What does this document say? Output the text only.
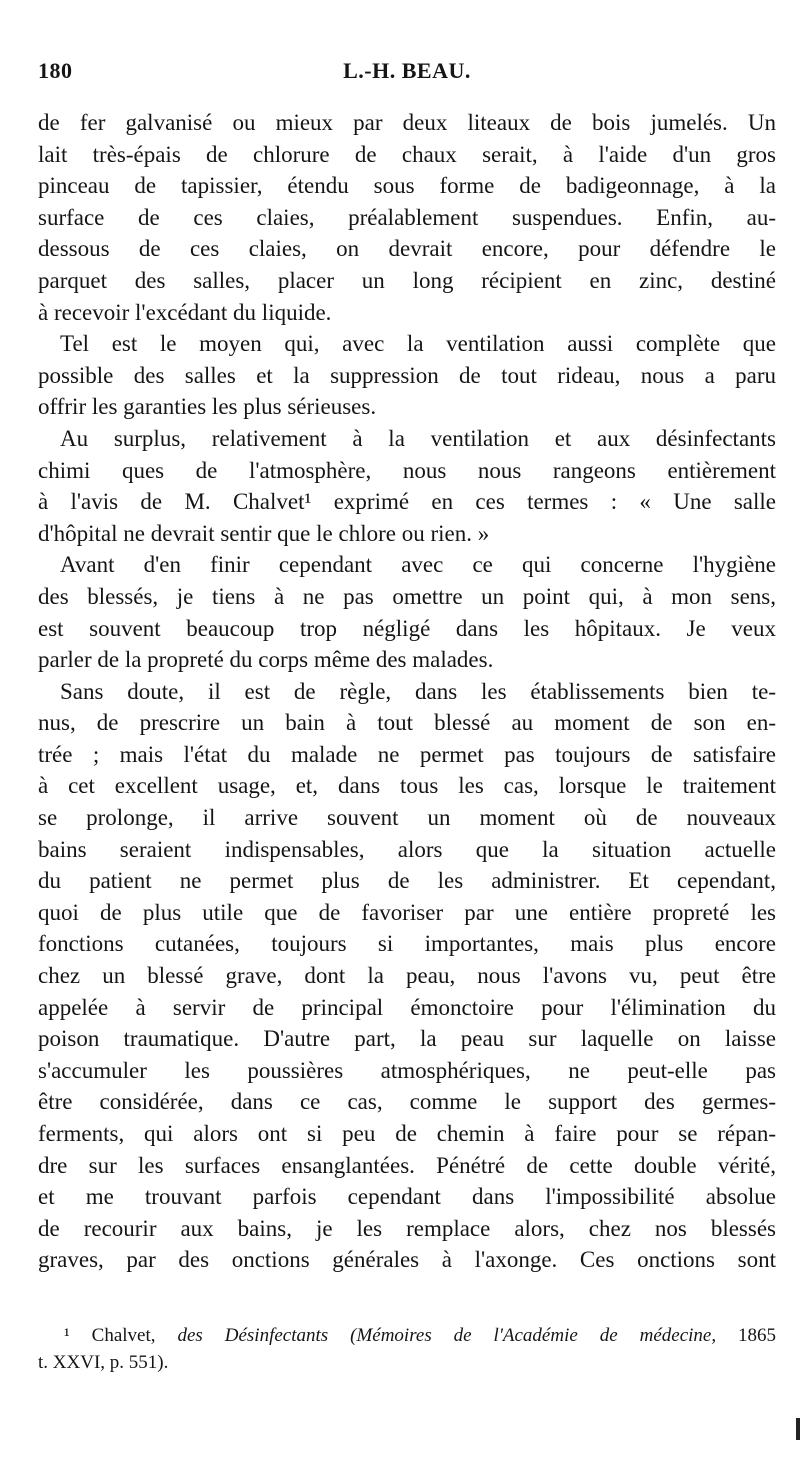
180	L.-H. BEAU.
de fer galvanisé ou mieux par deux liteaux de bois jumelés. Un
lait très-épais de chlorure de chaux serait, à l'aide d'un gros
pinceau de tapissier, étendu sous forme de badigeonnage, à la
surface de ces claies, préalablement suspendues. Enfin, au-
dessous de ces claies, on devrait encore, pour défendre le
parquet des salles, placer un long récipient en zinc, destiné
à recevoir l'excédant du liquide.
Tel est le moyen qui, avec la ventilation aussi complète que
possible des salles et la suppression de tout rideau, nous a paru
offrir les garanties les plus sérieuses.
Au surplus, relativement à la ventilation et aux désinfectants
chimi ques de l'atmosphère, nous nous rangeons entièrement
à l'avis de M. Chalvet¹ exprimé en ces termes : « Une salle
d'hôpital ne devrait sentir que le chlore ou rien. »
Avant d'en finir cependant avec ce qui concerne l'hygiène
des blessés, je tiens à ne pas omettre un point qui, à mon sens,
est souvent beaucoup trop négligé dans les hôpitaux. Je veux
parler de la propreté du corps même des malades.
Sans doute, il est de règle, dans les établissements bien te-
nus, de prescrire un bain à tout blessé au moment de son en-
trée ; mais l'état du malade ne permet pas toujours de satisfaire
à cet excellent usage, et, dans tous les cas, lorsque le traitement
se prolonge, il arrive souvent un moment où de nouveaux
bains seraient indispensables, alors que la situation actuelle
du patient ne permet plus de les administrer. Et cependant,
quoi de plus utile que de favoriser par une entière propreté les
fonctions cutanées, toujours si importantes, mais plus encore
chez un blessé grave, dont la peau, nous l'avons vu, peut être
appelée à servir de principal émonctoire pour l'élimination du
poison traumatique. D'autre part, la peau sur laquelle on laisse
s'accumuler les poussières atmosphériques, ne peut-elle pas
être considérée, dans ce cas, comme le support des germes-
ferments, qui alors ont si peu de chemin à faire pour se répan-
dre sur les surfaces ensanglantées. Pénétré de cette double vérité,
et me trouvant parfois cependant dans l'impossibilité absolue
de recourir aux bains, je les remplace alors, chez nos blessés
graves, par des onctions générales à l'axonge. Ces onctions sont
¹ Chalvet, des Désinfectants (Mémoires de l'Académie de médecine, 1865
t. XXVI, p. 551).
